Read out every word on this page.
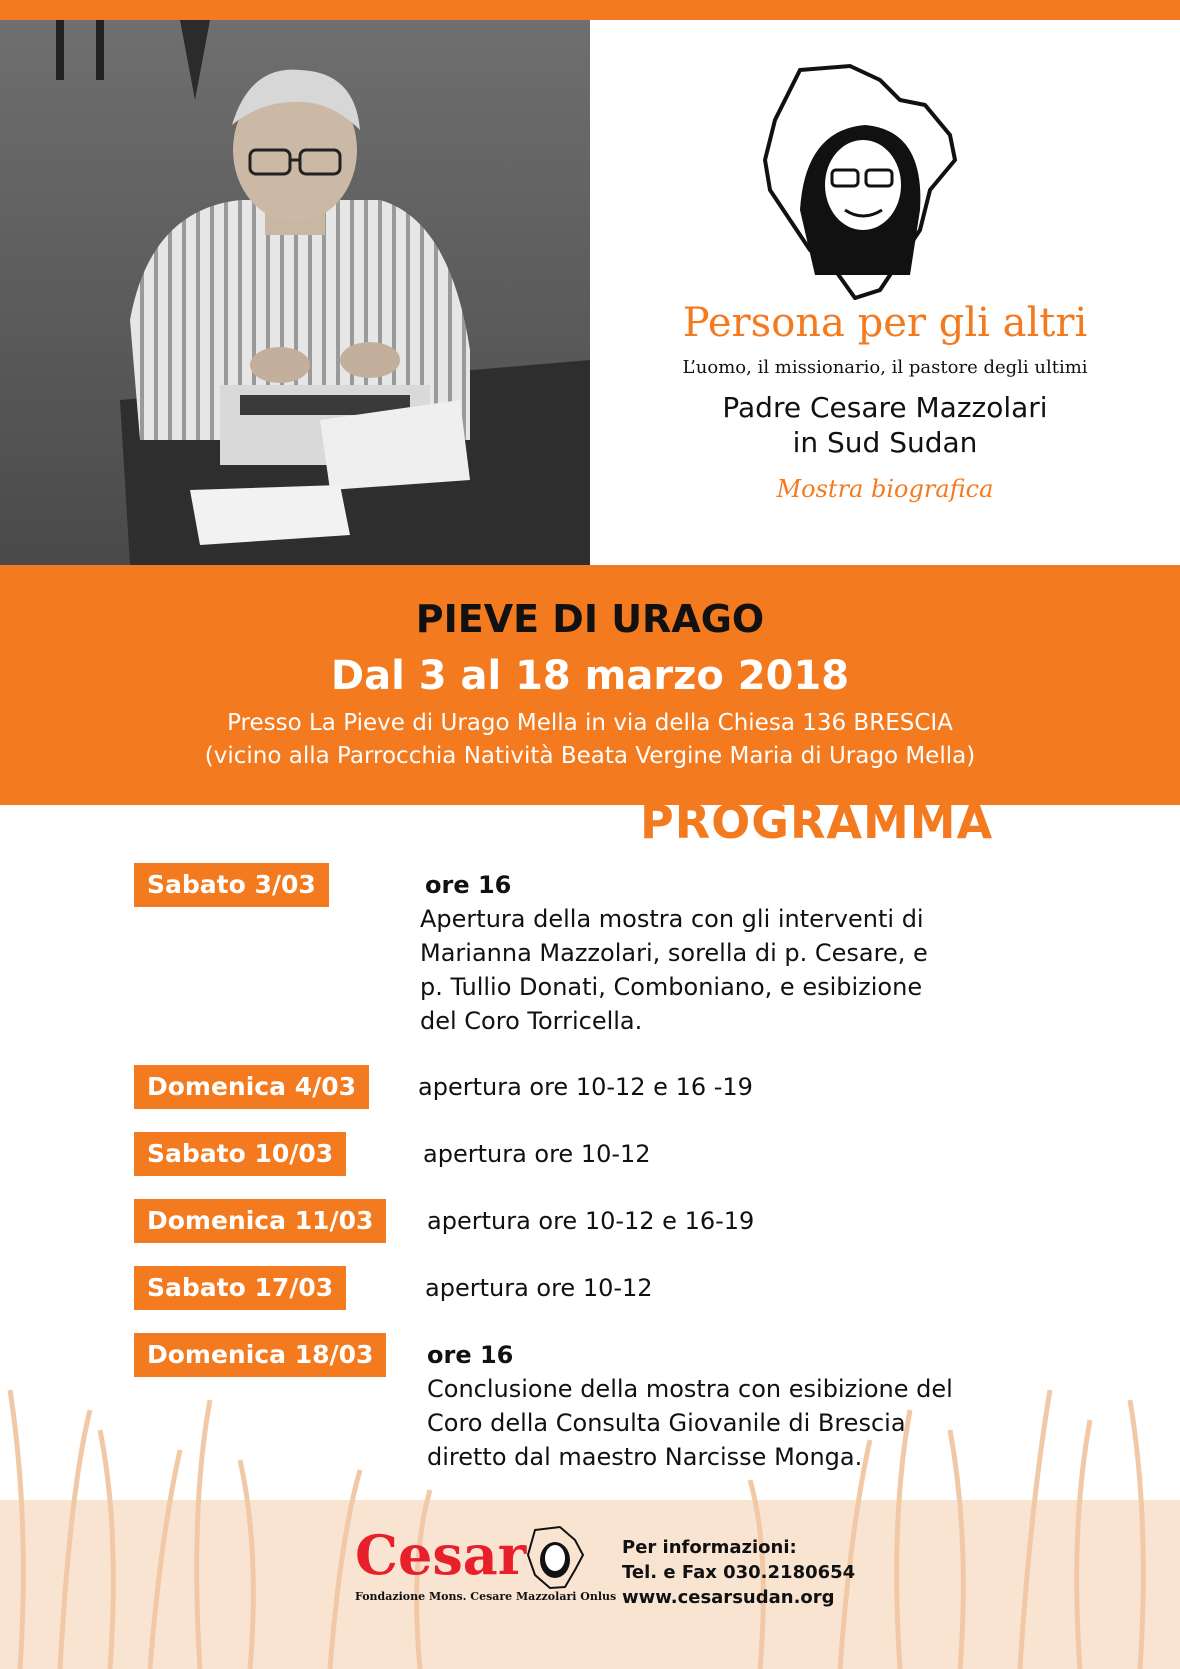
Persona per gli altri
L’uomo, il missionario, il pastore degli ultimi
Padre Cesare Mazzolari
in Sud Sudan
Mostra biografica
PIEVE DI URAGO
Dal 3 al 18 marzo 2018
Presso La Pieve di Urago Mella in via della Chiesa 136 BRESCIA
(vicino alla Parrocchia Natività Beata Vergine Maria di Urago Mella)
PROGRAMMA
Sabato 3/03	ore 16
Apertura della mostra con gli interventi di
Marianna Mazzolari, sorella di p. Cesare, e
p. Tullio Donati, Comboniano, e esibizione
del Coro Torricella.
Domenica 4/03	apertura ore 10-12 e 16 -19
Sabato 10/03	apertura ore 10-12
Domenica 11/03	apertura ore 10-12 e 16-19
Sabato 17/03	apertura ore 10-12
Domenica 18/03	ore 16
Conclusione della mostra con esibizione del
Coro della Consulta Giovanile di Brescia
diretto dal maestro Narcisse Monga.
Cesar
Fondazione Mons. Cesare Mazzolari Onlus
Per informazioni:
Tel. e Fax 030.2180654
www.cesarsudan.org
